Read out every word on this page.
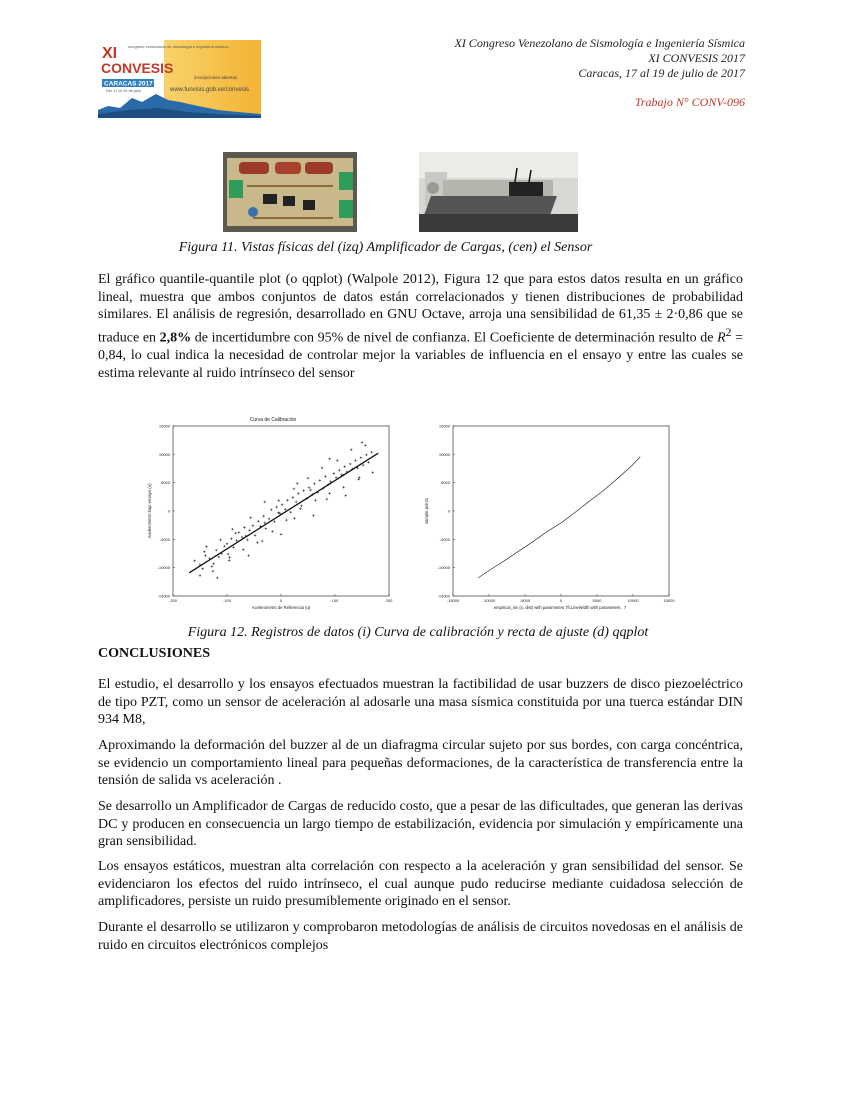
XI	congreso venezolano de sismología e ingeniería sísmica
CONVESIS
CARACAS 2017
Del 17 al 19 de julio
inscripciones abiertas
www.funvisis.gob.ve/convesis
XI Congreso Venezolano de Sismología e Ingeniería Sísmica
XI CONVESIS 2017
Caracas, 17 al 19 de julio de 2017
Trabajo N° CONV-096
Figura 11. Vistas físicas del (izq) Amplificador de Cargas, (cen) el Sensor
El gráfico quantile-quantile plot (o qqplot) (Walpole 2012), Figura 12 que para estos datos resulta en un gráfico lineal, muestra que ambos conjuntos de datos están correlacionados y tienen distribuciones de probabilidad similares. El análisis de regresión, desarrollado en GNU Octave, arroja una sensibilidad de 61,35 ± 2·0,86 que se traduce en 2,8% de incertidumbre con 95% de nivel de confianza. El Coeficiente de determinación resulto de $R^2 = 0,84$, lo cual indica la necesidad de controlar mejor la variables de influencia en el ensayo y entre las cuales se estima relevante al ruido intrínseco del sensor
Curva de Calibración
-200	-100	0	100	200
-15000
-10000
-5000
0
5000
10000
15000
Acelerometro de Referencia (u)
Acelerometro bajo ensayo (u)
-15000	-10000	-5000	0	5000	10000	15000
-15000
-10000
-5000
0
5000
10000
15000
empirical_inv (x, dist) with parameters 7fi,LineWidth with parameters , 7
sample points
Figura 12. Registros de datos (i) Curva de calibración y recta de ajuste (d) qqplot
CONCLUSIONES
El estudio, el desarrollo y los ensayos efectuados muestran la factibilidad de usar buzzers de disco piezoeléctrico de tipo PZT, como un sensor de aceleración al adosarle una masa sísmica constituida por una tuerca estándar DIN 934 M8,
Aproximando la deformación del buzzer al de un diafragma circular sujeto por sus bordes, con carga concéntrica, se evidencio un comportamiento lineal para pequeñas deformaciones, de la característica de transferencia entre la tensión de salida vs aceleración .
Se desarrollo un Amplificador de Cargas de reducido costo, que a pesar de las dificultades, que generan las derivas DC y producen en consecuencia un largo tiempo de estabilización, evidencia por simulación y empíricamente una gran sensibilidad.
Los ensayos estáticos, muestran alta correlación con respecto a la aceleración y gran sensibilidad del sensor. Se evidenciaron los efectos del ruido intrínseco, el cual aunque pudo reducirse mediante cuidadosa selección de amplificadores, persiste un ruido presumiblemente originado en el sensor.
Durante el desarrollo se utilizaron y comprobaron metodologías de análisis de circuitos novedosas en el análisis de ruido en circuitos electrónicos complejos
